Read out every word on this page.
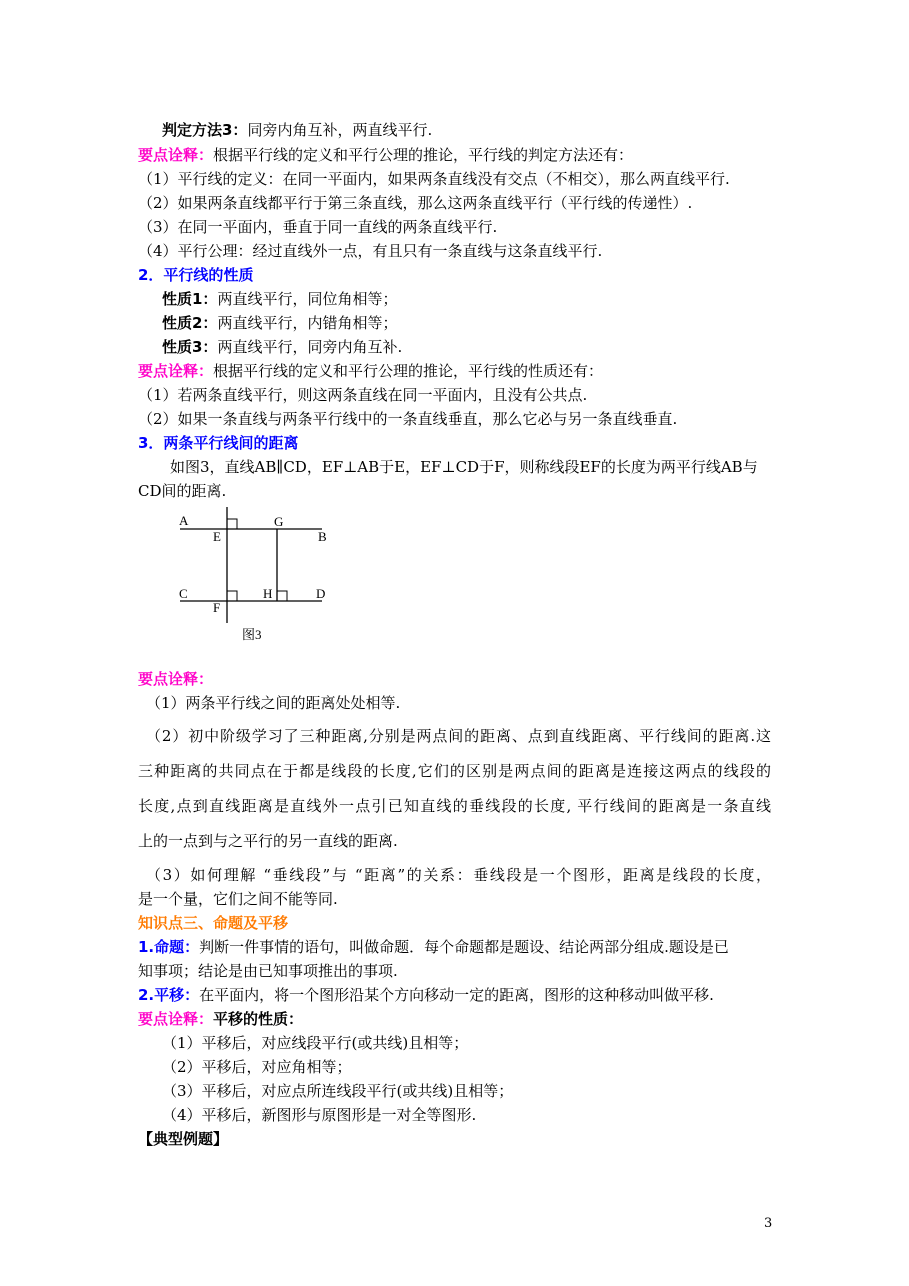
判定方法3：同旁内角互补，两直线平行.
要点诠释：根据平行线的定义和平行公理的推论，平行线的判定方法还有：
（1）平行线的定义：在同一平面内，如果两条直线没有交点（不相交），那么两直线平行.
（2）如果两条直线都平行于第三条直线，那么这两条直线平行（平行线的传递性）.
（3）在同一平面内，垂直于同一直线的两条直线平行.
（4）平行公理：经过直线外一点，有且只有一条直线与这条直线平行.
2．平行线的性质
性质1：两直线平行，同位角相等；
性质2：两直线平行，内错角相等；
性质3：两直线平行，同旁内角互补.
要点诠释：根据平行线的定义和平行公理的推论，平行线的性质还有：
（1）若两条直线平行，则这两条直线在同一平面内，且没有公共点.
（2）如果一条直线与两条平行线中的一条直线垂直，那么它必与另一条直线垂直.
3．两条平行线间的距离
如图3，直线AB∥CD，EF⊥AB于E，EF⊥CD于F，则称线段EF的长度为两平行线AB与
CD间的距离.
A
E
G
B
C
F
H	D
图3
要点诠释：
（1）两条平行线之间的距离处处相等.
（2）初中阶级学习了三种距离,分别是两点间的距离、点到直线距离、平行线间的距离.这
三种距离的共同点在于都是线段的长度,它们的区别是两点间的距离是连接这两点的线段的
长度,点到直线距离是直线外一点引已知直线的垂线段的长度, 平行线间的距离是一条直线
上的一点到与之平行的另一直线的距离.
（3）如何理解 “垂线段”与 “距离”的关系：垂线段是一个图形，距离是线段的长度，
是一个量，它们之间不能等同.
知识点三、命题及平移
1.命题：判断一件事情的语句，叫做命题．每个命题都是题设、结论两部分组成.题设是已
知事项；结论是由已知事项推出的事项.
2.平移：在平面内，将一个图形沿某个方向移动一定的距离，图形的这种移动叫做平移.
要点诠释：平移的性质：
（1）平移后，对应线段平行(或共线)且相等；
（2）平移后，对应角相等；
（3）平移后，对应点所连线段平行(或共线)且相等；
（4）平移后，新图形与原图形是一对全等图形.
【典型例题】
3
